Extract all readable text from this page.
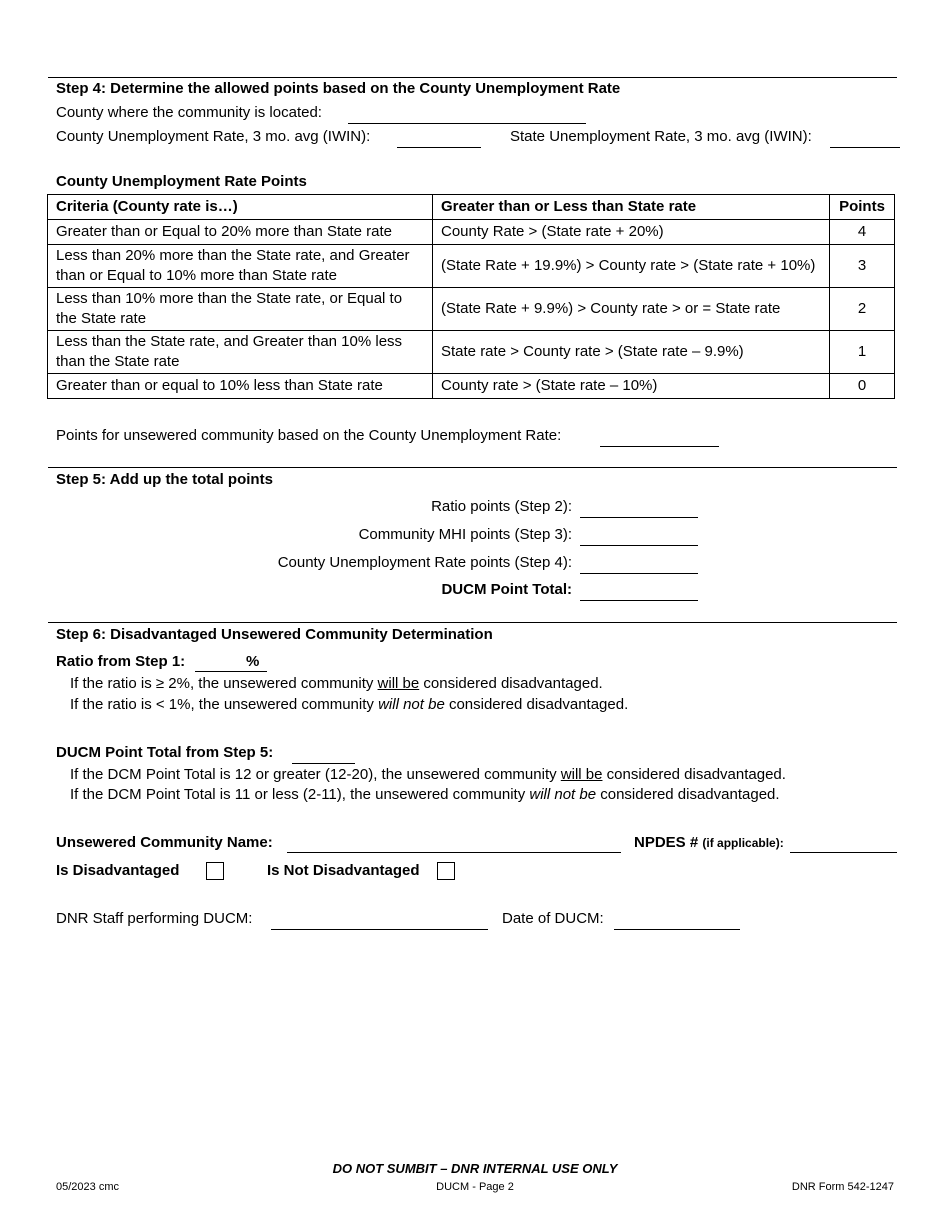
Step 4: Determine the allowed points based on the County Unemployment Rate
County where the community is located:
County Unemployment Rate, 3 mo. avg (IWIN):	State Unemployment Rate, 3 mo. avg (IWIN):
County Unemployment Rate Points
Criteria (County rate is…)	Greater than or Less than State rate	Points
Greater than or Equal to 20% more than State rate	County Rate > (State rate + 20%)	4
Less than 20% more than the State rate, and Greater than or Equal to 10% more than State rate	(State Rate + 19.9%) > County rate > (State rate + 10%)	3
Less than 10% more than the State rate, or Equal to the State rate	(State Rate + 9.9%) > County rate > or = State rate	2
Less than the State rate, and Greater than 10% less than the State rate	State rate > County rate > (State rate – 9.9%)	1
Greater than or equal to 10% less than State rate	County rate > (State rate – 10%)	0
Points for unsewered community based on the County Unemployment Rate:
Step 5: Add up the total points
Ratio points (Step 2):
Community MHI points (Step 3):
County Unemployment Rate points (Step 4):
DUCM Point Total:
Step 6: Disadvantaged Unsewered Community Determination
Ratio from Step 1:	%
If the ratio is ≥ 2%, the unsewered community will be considered disadvantaged.
If the ratio is < 1%, the unsewered community will not be considered disadvantaged.
DUCM Point Total from Step 5:
If the DCM Point Total is 12 or greater (12-20), the unsewered community will be considered disadvantaged.
If the DCM Point Total is 11 or less (2-11), the unsewered community will not be considered disadvantaged.
Unsewered Community Name:	NPDES # (if applicable):
Is Disadvantaged	Is Not Disadvantaged
DNR Staff performing DUCM:	Date of DUCM:
DO NOT SUMBIT – DNR INTERNAL USE ONLY
05/2023 cmc	DUCM - Page 2	DNR Form 542-1247
